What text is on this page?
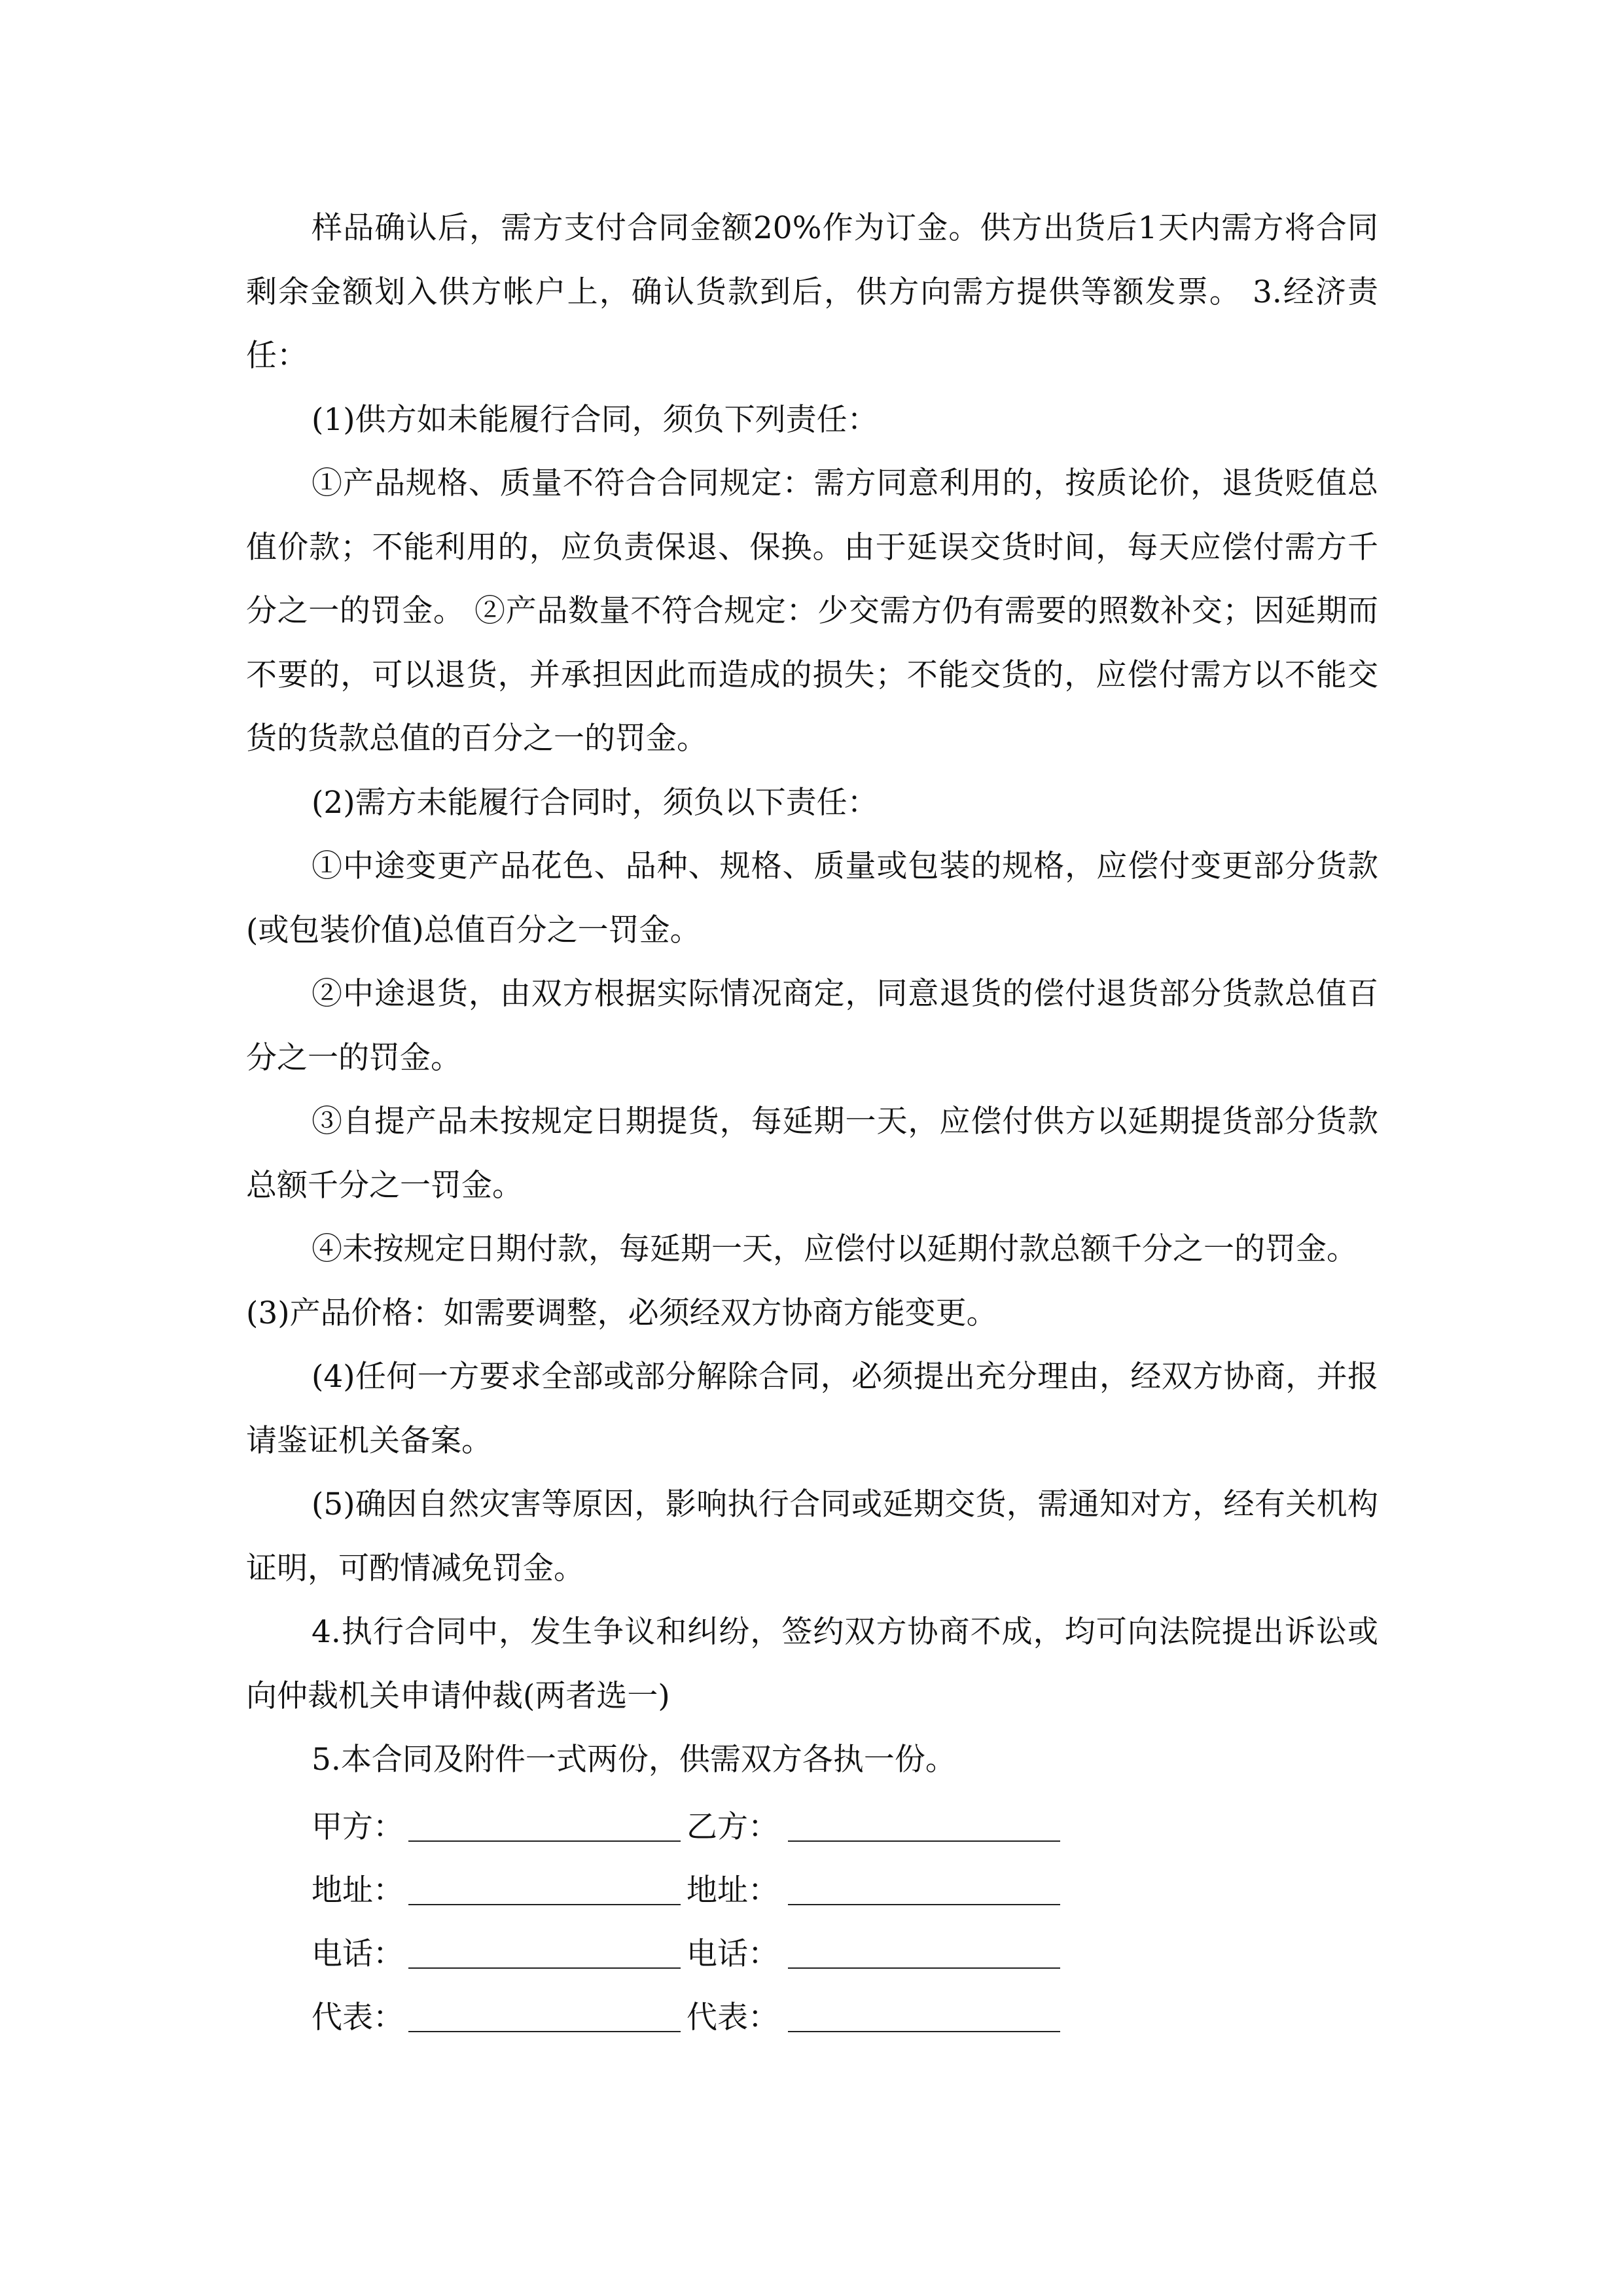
样品确认后，需方支付合同金额20%作为订金。供方出货后1天内需方将合同剩余金额划入供方帐户上，确认货款到后，供方向需方提供等额发票。 3.经济责任：

(1)供方如未能履行合同，须负下列责任：

①产品规格、质量不符合合同规定：需方同意利用的，按质论价，退货贬值总值价款；不能利用的，应负责保退、保换。由于延误交货时间，每天应偿付需方千分之一的罚金。 ②产品数量不符合规定：少交需方仍有需要的照数补交；因延期而不要的，可以退货，并承担因此而造成的损失；不能交货的，应偿付需方以不能交货的货款总值的百分之一的罚金。

(2)需方未能履行合同时，须负以下责任：

①中途变更产品花色、品种、规格、质量或包装的规格，应偿付变更部分货款(或包装价值)总值百分之一罚金。

②中途退货，由双方根据实际情况商定，同意退货的偿付退货部分货款总值百分之一的罚金。

③自提产品未按规定日期提货，每延期一天，应偿付供方以延期提货部分货款总额千分之一罚金。

④未按规定日期付款，每延期一天，应偿付以延期付款总额千分之一的罚金。

(3)产品价格：如需要调整，必须经双方协商方能变更。

(4)任何一方要求全部或部分解除合同，必须提出充分理由，经双方协商，并报请鉴证机关备案。

(5)确因自然灾害等原因，影响执行合同或延期交货，需通知对方，经有关机构证明，可酌情减免罚金。

4.执行合同中，发生争议和纠纷，签约双方协商不成，均可向法院提出诉讼或向仲裁机关申请仲裁(两者选一)

5.本合同及附件一式两份，供需双方各执一份。

甲方：	乙方：
地址：	地址：
电话：	电话：
代表：	代表：
